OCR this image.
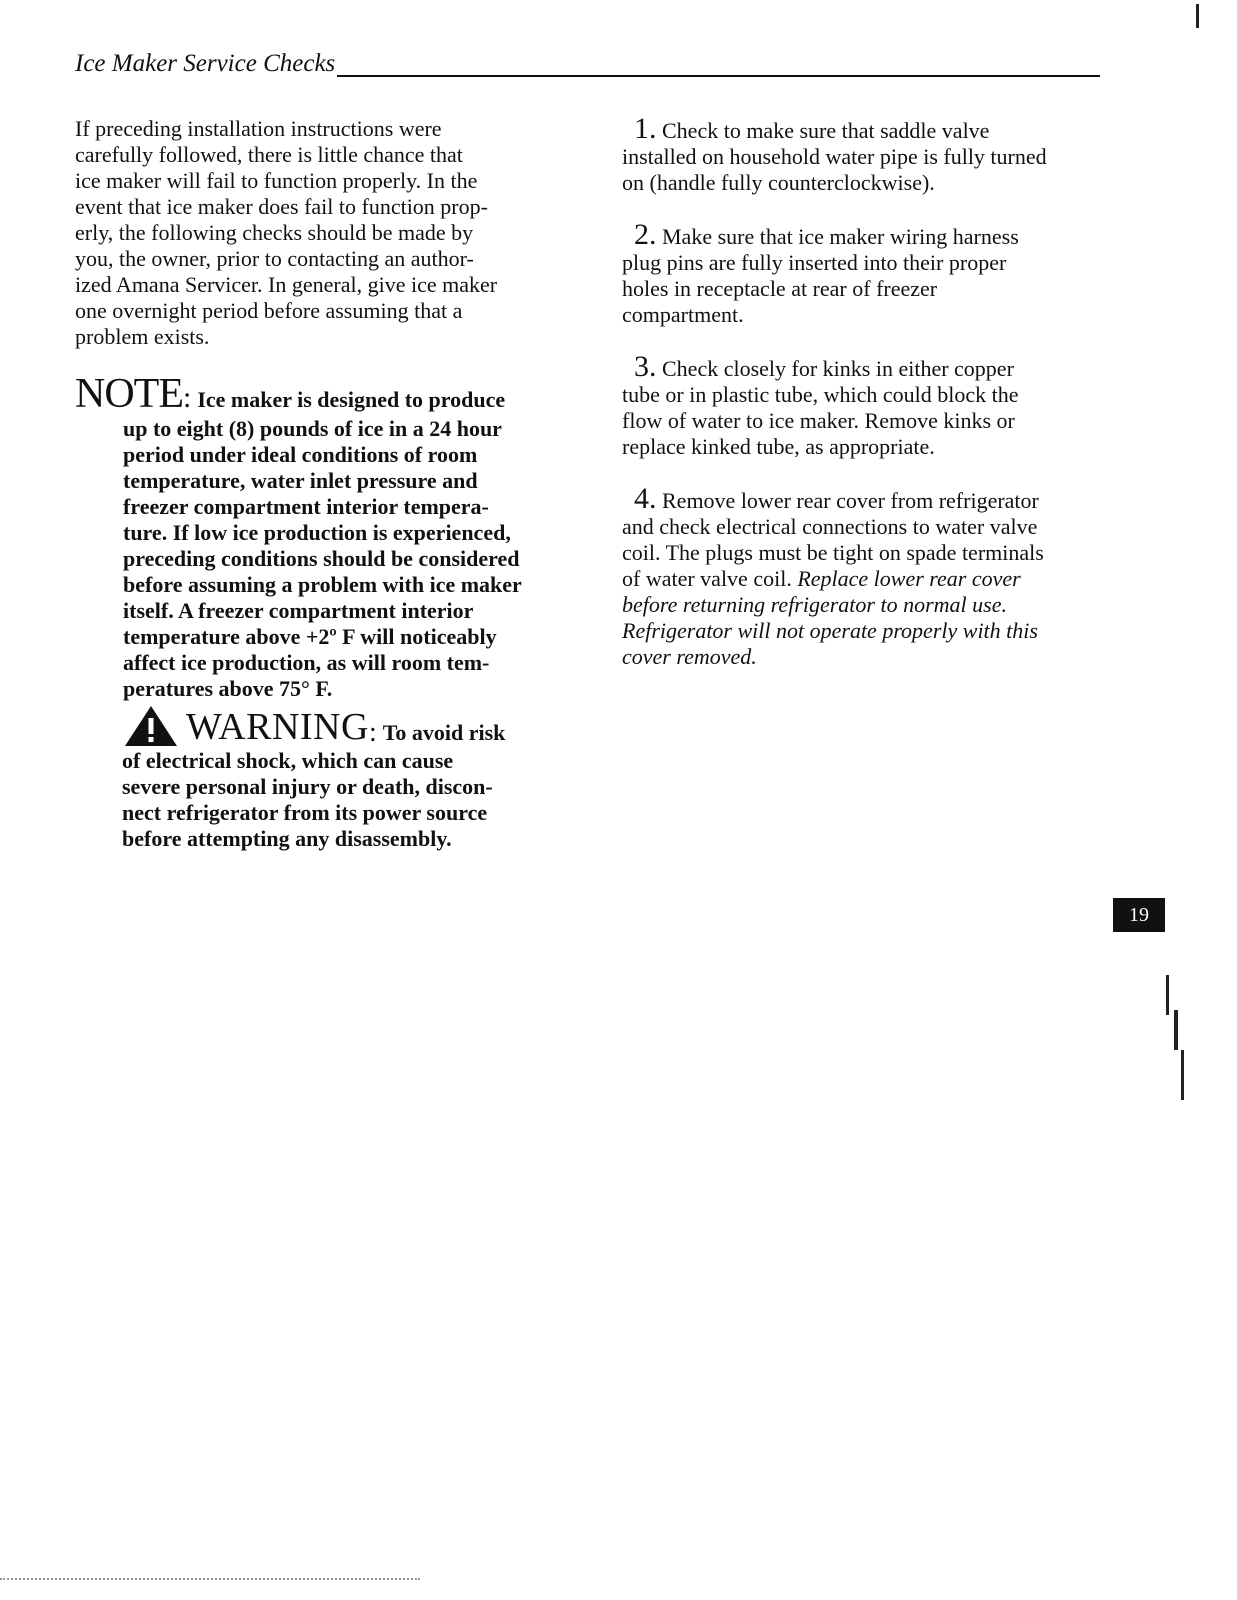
Ice Maker Service Checks

If preceding installation instructions were
carefully followed, there is little chance that
ice maker will fail to function properly. In the
event that ice maker does fail to function prop-
erly, the following checks should be made by
you, the owner, prior to contacting an author-
ized Amana Servicer. In general, give ice maker
one overnight period before assuming that a
problem exists.

NOTE : Ice maker is designed to produce
up to eight (8) pounds of ice in a 24 hour
period under ideal conditions of room
temperature, water inlet pressure and
freezer compartment interior tempera-
ture. If low ice production is experienced,
preceding conditions should be considered
before assuming a problem with ice maker
itself. A freezer compartment interior
temperature above +2º F will noticeably
affect ice production, as will room tem-
peratures above 75° F.
WARNING : To avoid risk
of electrical shock, which can cause
severe personal injury or death, discon-
nect refrigerator from its power source
before attempting any disassembly.
1. Check to make sure that saddle valve
installed on household water pipe is fully turned
on (handle fully counterclockwise).
2. Make sure that ice maker wiring harness
plug pins are fully inserted into their proper
holes in receptacle at rear of freezer
compartment.
3. Check closely for kinks in either copper
tube or in plastic tube, which could block the
flow of water to ice maker. Remove kinks or
replace kinked tube, as appropriate.
4. Remove lower rear cover from refrigerator
and check electrical connections to water valve
coil. The plugs must be tight on spade terminals
of water valve coil. Replace lower rear cover
before returning refrigerator to normal use.
Refrigerator will not operate properly with this
cover removed.
19
